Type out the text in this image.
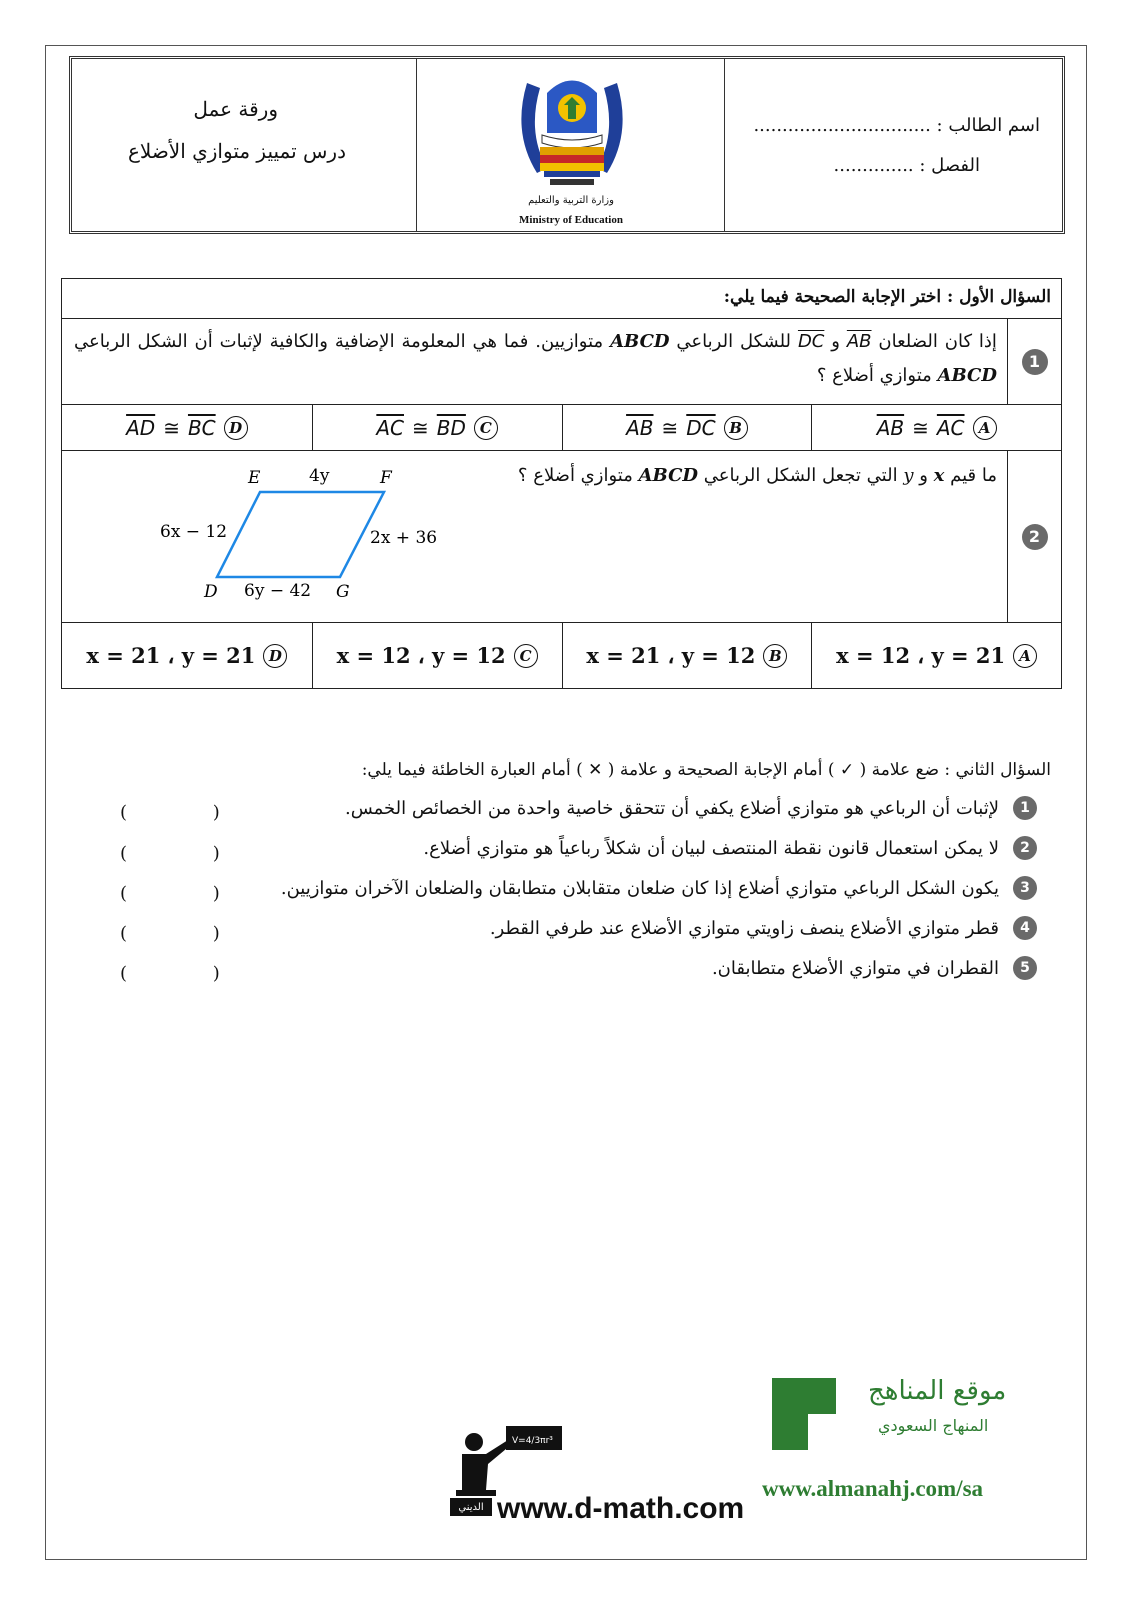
ورقة عمل
درس تمييز متوازي الأضلاع
وزارة التربية والتعليم
Ministry of Education
اسم الطالب : ...............................
الفصل : ..............
السؤال الأول : اختر الإجابة الصحيحة فيما يلي:
1
إذا كان الضلعان AB و DC للشكل الرباعي ABCD متوازيين. فما هي المعلومة الإضافية والكافية لإثبات أن الشكل الرباعي ABCD متوازي أضلاع ؟
$\overline{AB}$ ≅ $\overline{AC}$ A
$\overline{AB}$ ≅ $\overline{DC}$ B
$\overline{AC}$ ≅ $\overline{BD}$ C
$\overline{AD}$ ≅ $\overline{BC}$ D
2
ما قيم x و y التي تجعل الشكل الرباعي ABCD متوازي أضلاع ؟
E	F
D	G
4y
6x − 12	2x + 36
6y − 42
x = 12 ، y = 21 A
x = 21 ، y = 12 B
x = 12 ، y = 12 C
x = 21 ، y = 21 D
السؤال الثاني : ضع علامة ( ✓ ) أمام الإجابة الصحيحة و علامة ( ✕ ) أمام العبارة الخاطئة فيما يلي:
1
لإثبات أن الرباعي هو متوازي أضلاع يكفي أن تتحقق خاصية واحدة من الخصائص الخمس.
( )
2
لا يمكن استعمال قانون نقطة المنتصف لبيان أن شكلاً رباعياً هو متوازي أضلاع.
( )
3
يكون الشكل الرباعي متوازي أضلاع إذا كان ضلعان متقابلان متطابقان والضلعان الآخران متوازيين.
( )
4
قطر متوازي الأضلاع ينصف زاويتي متوازي الأضلاع عند طرفي القطر.
( )
5
القطران في متوازي الأضلاع متطابقان.
( )
موقع المناهج
المنهاج السعودي
www.almanahj.com/sa
V=4/3πr³
الديني www.d-math.com
